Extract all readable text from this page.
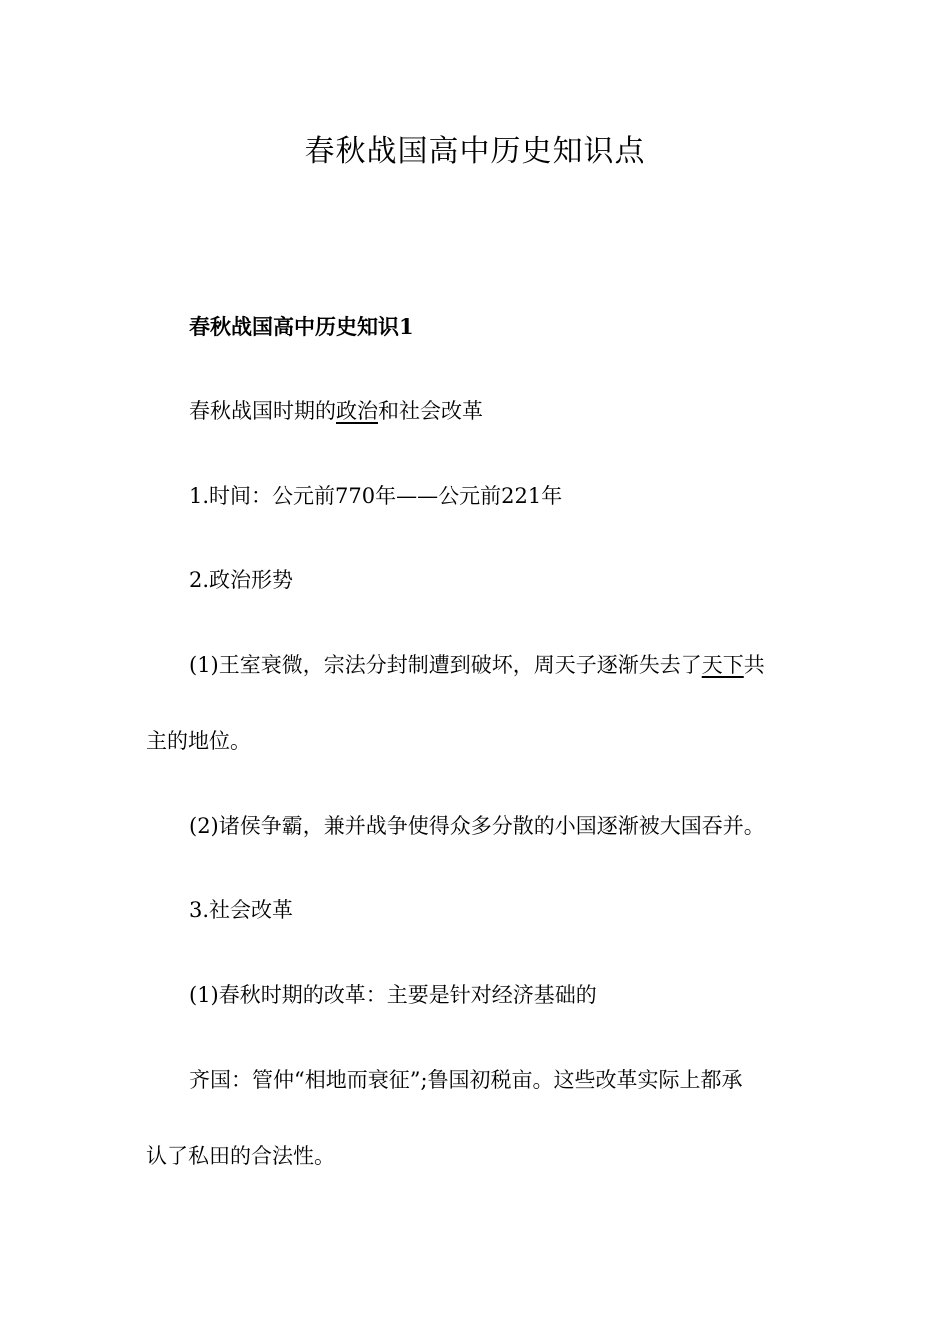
春秋战国高中历史知识点
春秋战国高中历史知识1
春秋战国时期的政治和社会改革
1.时间：公元前770年——公元前221年
2.政治形势
(1)王室衰微，宗法分封制遭到破坏，周天子逐渐失去了天下共
主的地位。
(2)诸侯争霸，兼并战争使得众多分散的小国逐渐被大国吞并。
3.社会改革
(1)春秋时期的改革：主要是针对经济基础的
齐国：管仲“相地而衰征”;鲁国初税亩。这些改革实际上都承
认了私田的合法性。
